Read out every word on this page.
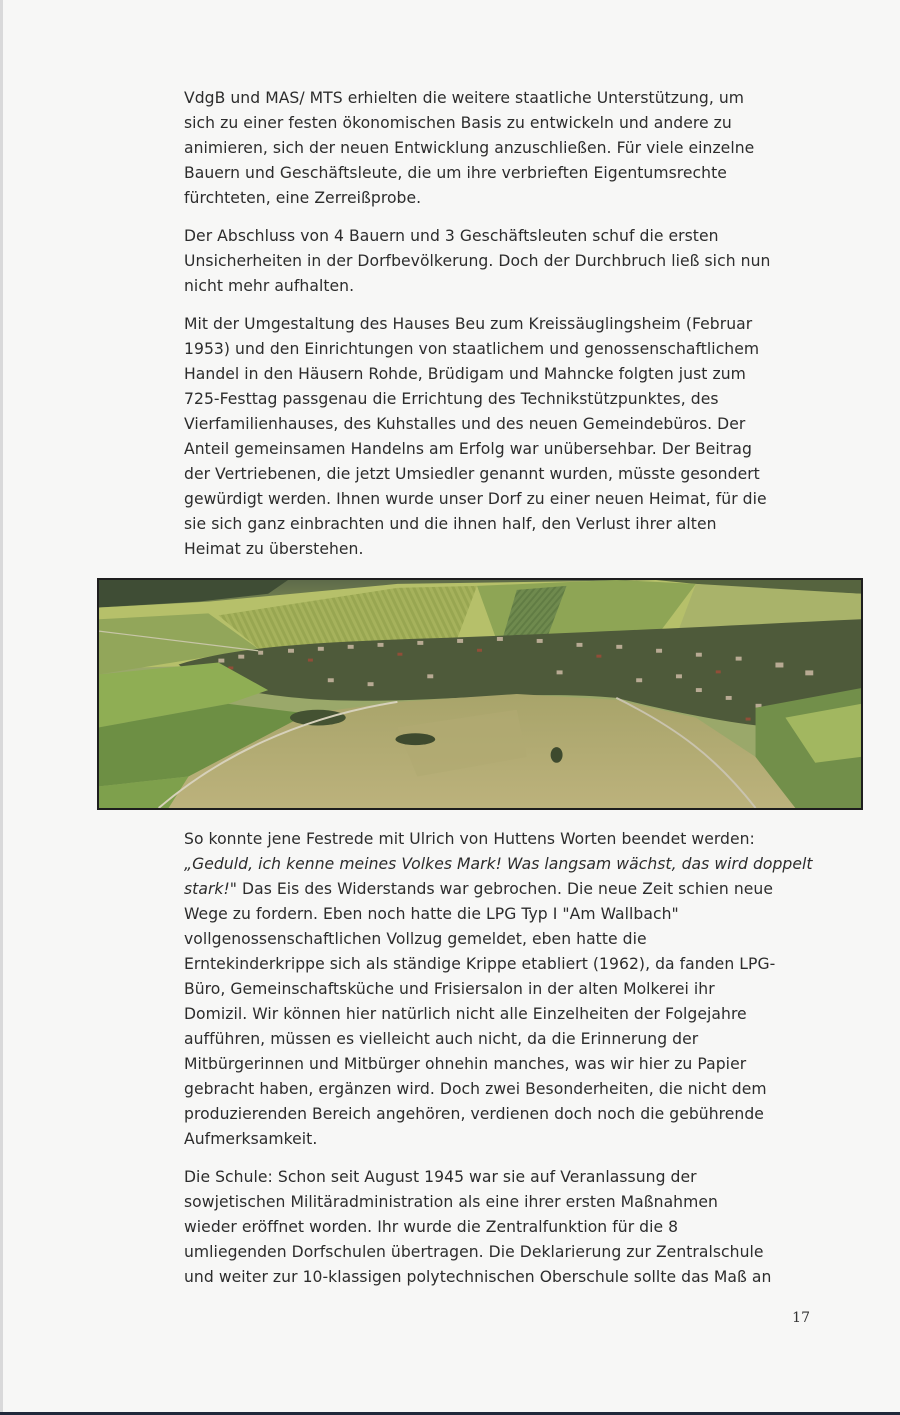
VdgB und MAS/ MTS erhielten die weitere staatliche Unterstützung, um
sich zu einer festen ökonomischen Basis zu entwickeln und andere zu
animieren, sich der neuen Entwicklung anzuschließen. Für viele einzelne
Bauern und Geschäftsleute, die um ihre verbrieften Eigentumsrechte
fürchteten, eine Zerreißprobe.
Der Abschluss von 4 Bauern und 3 Geschäftsleuten schuf die ersten
Unsicherheiten in der Dorfbevölkerung. Doch der Durchbruch ließ sich nun
nicht mehr aufhalten.
Mit der Umgestaltung des Hauses Beu zum Kreissäuglingsheim (Februar
1953) und den Einrichtungen von staatlichem und genossenschaftlichem
Handel in den Häusern Rohde, Brüdigam und Mahncke folgten just zum
725-Festtag passgenau die Errichtung des Technikstützpunktes, des
Vierfamilienhauses, des Kuhstalles und des neuen Gemeindebüros. Der
Anteil gemeinsamen Handelns am Erfolg war unübersehbar. Der Beitrag
der Vertriebenen, die jetzt Umsiedler genannt wurden, müsste gesondert
gewürdigt werden. Ihnen wurde unser Dorf zu einer neuen Heimat, für die
sie sich ganz einbrachten und die ihnen half, den Verlust ihrer alten
Heimat zu überstehen.
So konnte jene Festrede mit Ulrich von Huttens Worten beendet werden:
„Geduld, ich kenne meines Volkes Mark! Was langsam wächst, das wird doppelt
stark!" Das Eis des Widerstands war gebrochen. Die neue Zeit schien neue
Wege zu fordern. Eben noch hatte die LPG Typ I "Am Wallbach"
vollgenossenschaftlichen Vollzug gemeldet, eben hatte die
Erntekinderkrippe sich als ständige Krippe etabliert (1962), da fanden LPG-
Büro, Gemeinschaftsküche und Frisiersalon in der alten Molkerei ihr
Domizil. Wir können hier natürlich nicht alle Einzelheiten der Folgejahre
aufführen, müssen es vielleicht auch nicht, da die Erinnerung der
Mitbürgerinnen und Mitbürger ohnehin manches, was wir hier zu Papier
gebracht haben, ergänzen wird. Doch zwei Besonderheiten, die nicht dem
produzierenden Bereich angehören, verdienen doch noch die gebührende
Aufmerksamkeit.
Die Schule: Schon seit August 1945 war sie auf Veranlassung der
sowjetischen Militäradministration als eine ihrer ersten Maßnahmen
wieder eröffnet worden. Ihr wurde die Zentralfunktion für die 8
umliegenden Dorfschulen übertragen. Die Deklarierung zur Zentralschule
und weiter zur 10-klassigen polytechnischen Oberschule sollte das Maß an
17
